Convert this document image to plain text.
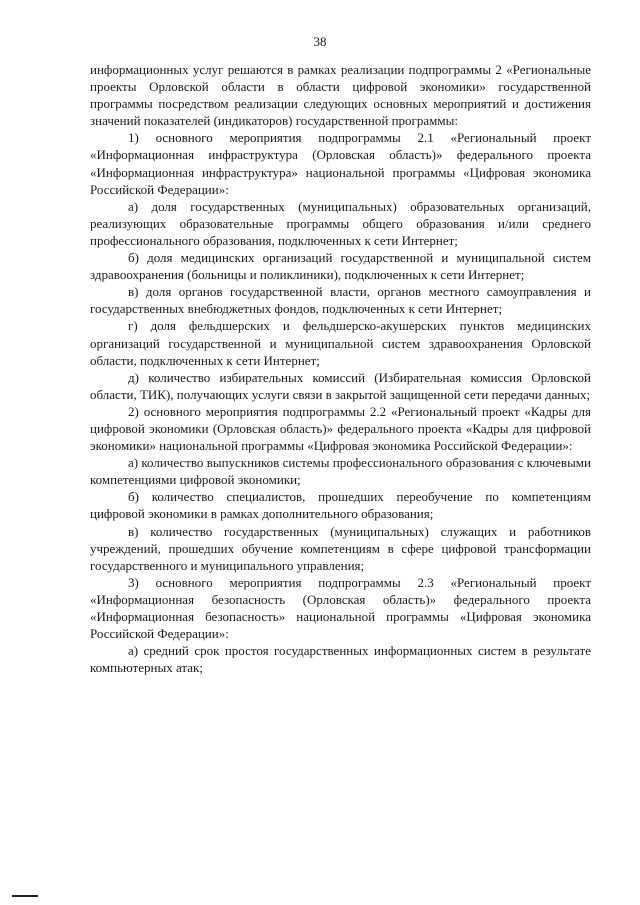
38

информационных услуг решаются в рамках реализации подпрограммы 2 «Региональные проекты Орловской области в области цифровой экономики» государственной программы посредством реализации следующих основных мероприятий и достижения значений показателей (индикаторов) государственной программы:

1) основного мероприятия подпрограммы 2.1 «Региональный проект «Информационная инфраструктура (Орловская область)» федерального проекта «Информационная инфраструктура» национальной программы «Цифровая экономика Российской Федерации»:

а) доля государственных (муниципальных) образовательных организаций, реализующих образовательные программы общего образования и/или среднего профессионального образования, подключенных к сети Интернет;

б) доля медицинских организаций государственной и муниципальной систем здравоохранения (больницы и поликлиники), подключенных к сети Интернет;

в) доля органов государственной власти, органов местного самоуправления и государственных внебюджетных фондов, подключенных к сети Интернет;

г) доля фельдшерских и фельдшерско-акушерских пунктов медицинских организаций государственной и муниципальной систем здравоохранения Орловской области, подключенных к сети Интернет;

д) количество избирательных комиссий (Избирательная комиссия Орловской области, ТИК), получающих услуги связи в закрытой защищенной сети передачи данных;

2) основного мероприятия подпрограммы 2.2 «Региональный проект «Кадры для цифровой экономики (Орловская область)» федерального проекта «Кадры для цифровой экономики» национальной программы «Цифровая экономика Российской Федерации»:

а) количество выпускников системы профессионального образования с ключевыми компетенциями цифровой экономики;

б) количество специалистов, прошедших переобучение по компетенциям цифровой экономики в рамках дополнительного образования;

в) количество государственных (муниципальных) служащих и работников учреждений, прошедших обучение компетенциям в сфере цифровой трансформации государственного и муниципального управления;

3) основного мероприятия подпрограммы 2.3 «Региональный проект «Информационная безопасность (Орловская область)» федерального проекта «Информационная безопасность» национальной программы «Цифровая экономика Российской Федерации»:

а) средний срок простоя государственных информационных систем в результате компьютерных атак;
